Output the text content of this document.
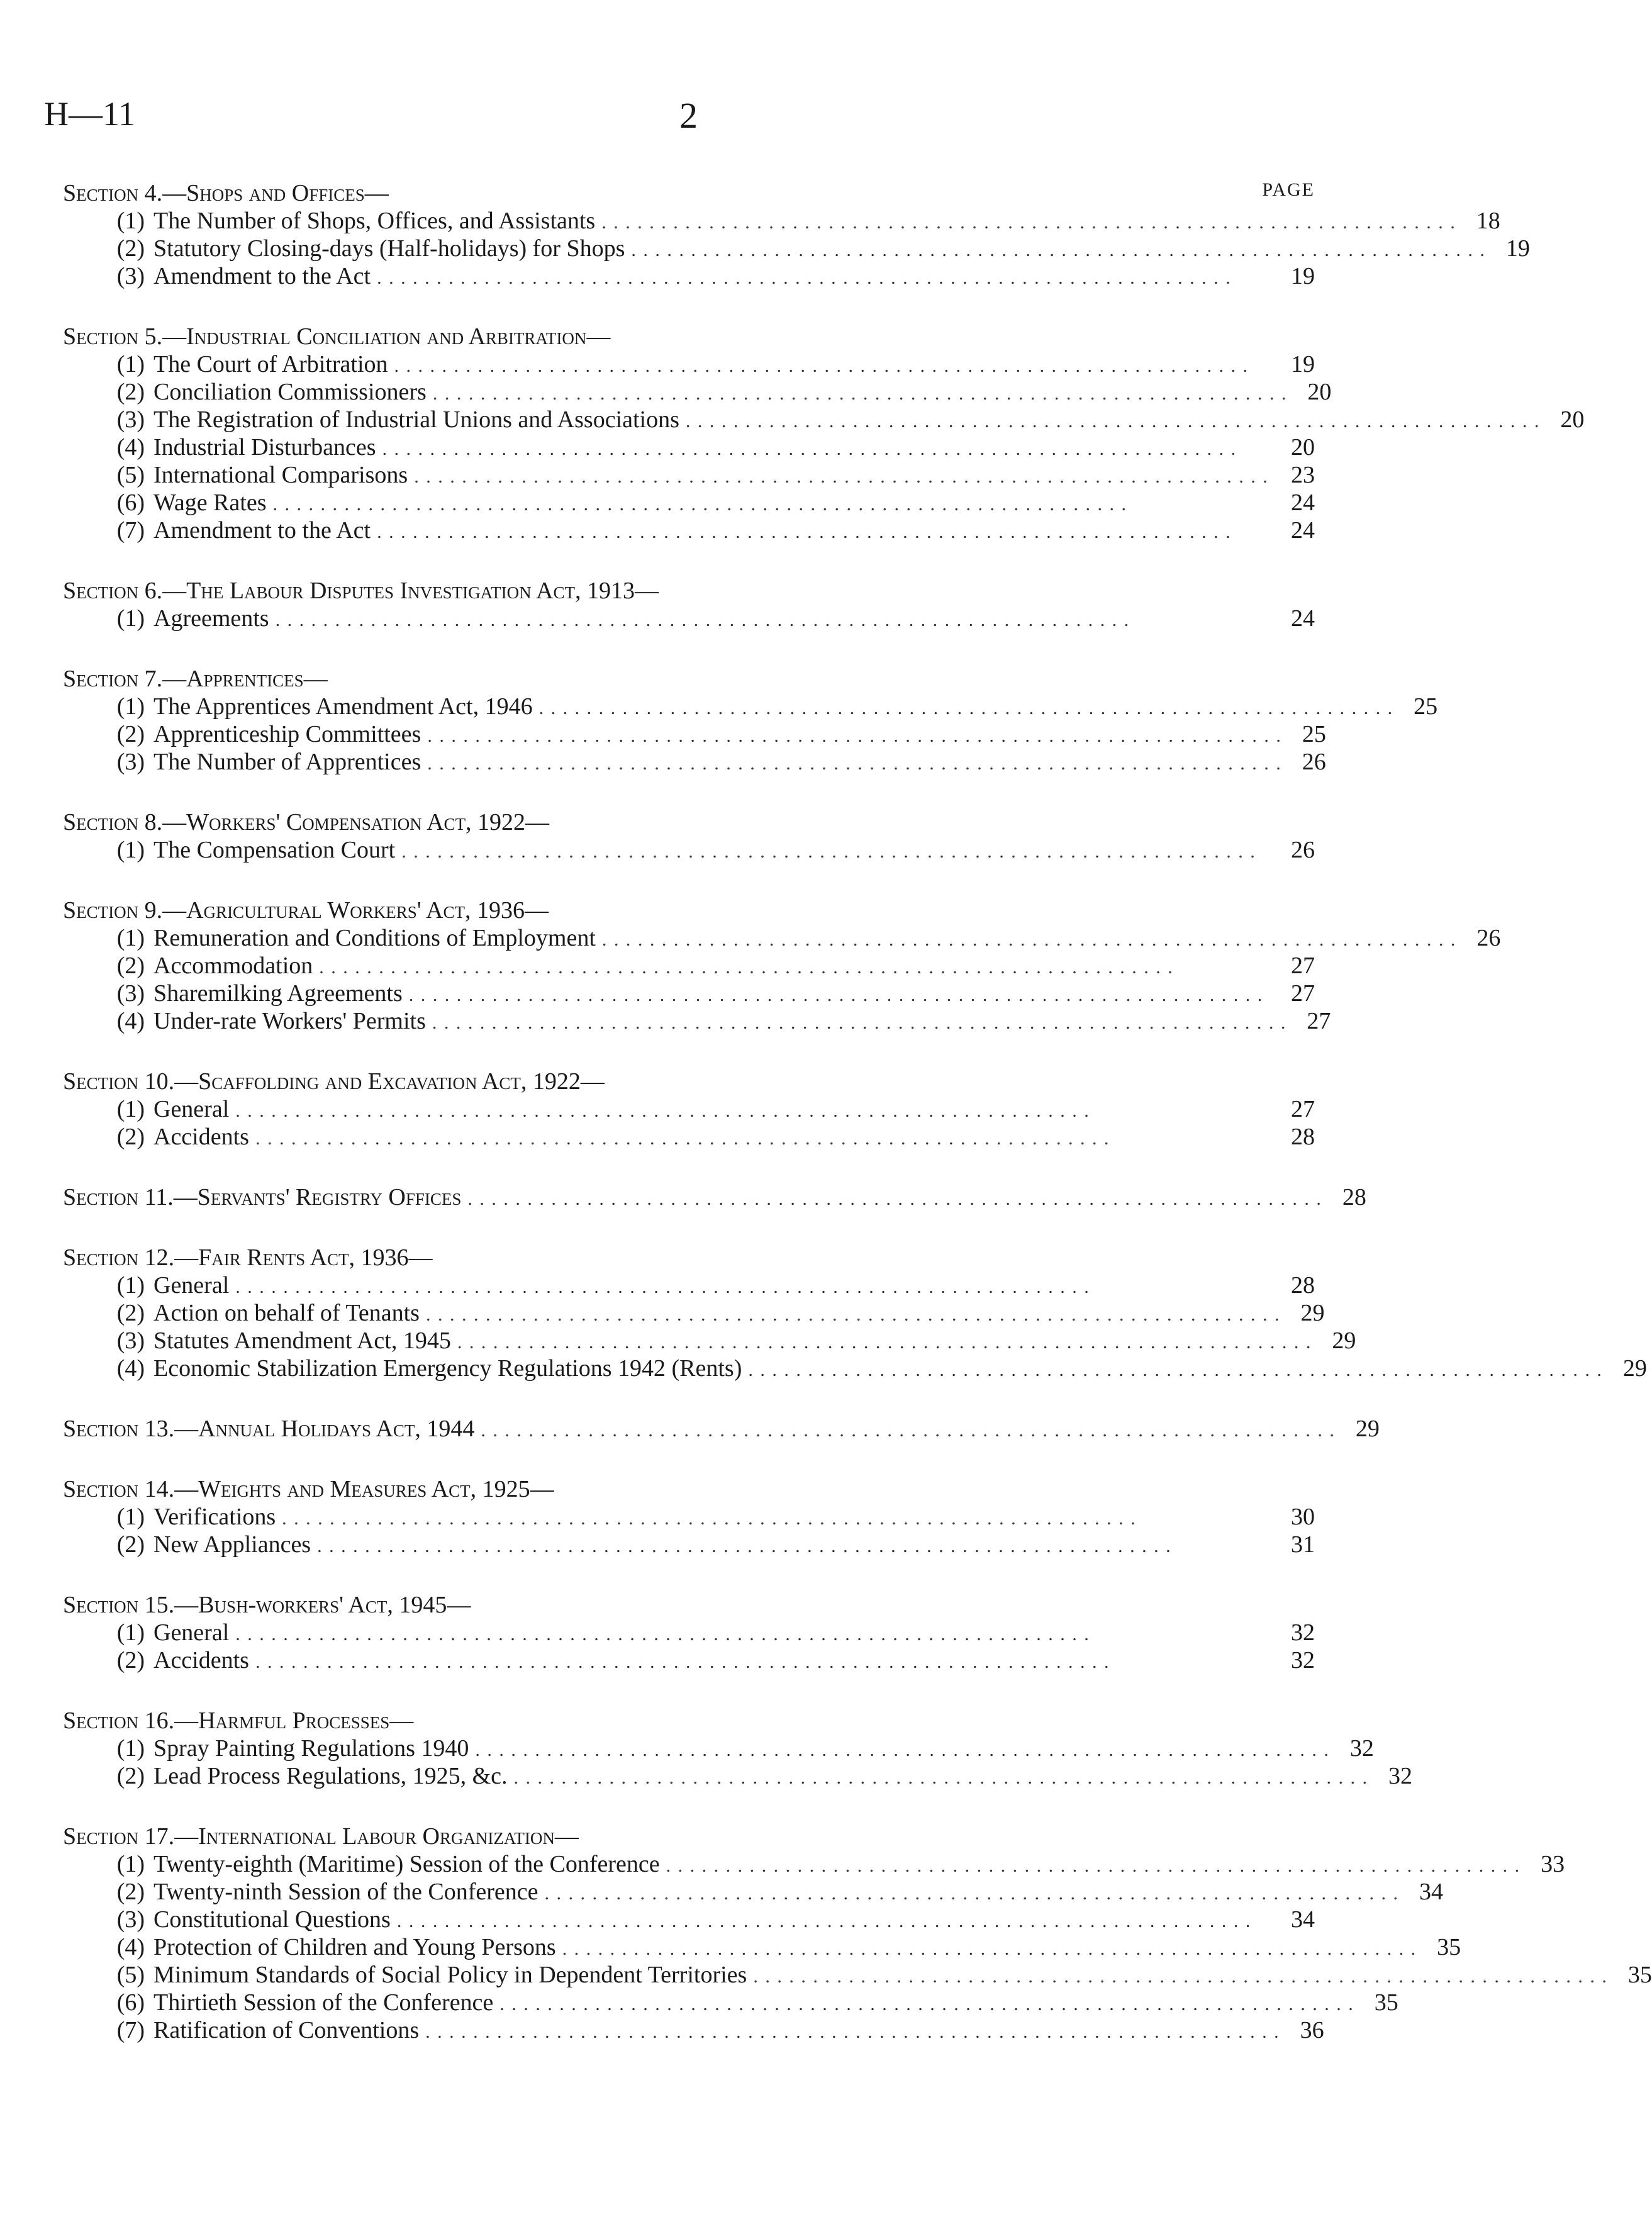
H—11	2
PAGE
Section 4.—Shops and Offices—
(1) The Number of Shops, Offices, and Assistants . . . . . . . . . . . . . . . . . . . . . . . . . . . . . . . . . . . . . . . . . . . . . . . . . . . . . . . . . . . . . . . . . . . . . . . . 18
(2) Statutory Closing-days (Half-holidays) for Shops . . . . . . . . . . . . . . . . . . . . . . . . . . . . . . . . . . . . . . . . . . . . . . . . . . . . . . . . . . . . . . . . . . . . . . . . 19
(3) Amendment to the Act . . . . . . . . . . . . . . . . . . . . . . . . . . . . . . . . . . . . . . . . . . . . . . . . . . . . . . . . . . . . . . . . . . . . . . . .	19
Section 5.—Industrial Conciliation and Arbitration—
(1) The Court of Arbitration . . . . . . . . . . . . . . . . . . . . . . . . . . . . . . . . . . . . . . . . . . . . . . . . . . . . . . . . . . . . . . . . . . . . . . . .	19
(2) Conciliation Commissioners . . . . . . . . . . . . . . . . . . . . . . . . . . . . . . . . . . . . . . . . . . . . . . . . . . . . . . . . . . . . . . . . . . . . . . . . 20
(3) The Registration of Industrial Unions and Associations . . . . . . . . . . . . . . . . . . . . . . . . . . . . . . . . . . . . . . . . . . . . . . . . . . . . . . . . . . . . . . . . . . . . . . . . 20
(4) Industrial Disturbances . . . . . . . . . . . . . . . . . . . . . . . . . . . . . . . . . . . . . . . . . . . . . . . . . . . . . . . . . . . . . . . . . . . . . . . .	20
(5) International Comparisons . . . . . . . . . . . . . . . . . . . . . . . . . . . . . . . . . . . . . . . . . . . . . . . . . . . . . . . . . . . . . . . . . . . . . . . . 23
(6) Wage Rates . . . . . . . . . . . . . . . . . . . . . . . . . . . . . . . . . . . . . . . . . . . . . . . . . . . . . . . . . . . . . . . . . . . . . . . .	24
(7) Amendment to the Act . . . . . . . . . . . . . . . . . . . . . . . . . . . . . . . . . . . . . . . . . . . . . . . . . . . . . . . . . . . . . . . . . . . . . . . .	24
Section 6.—The Labour Disputes Investigation Act, 1913—
(1) Agreements . . . . . . . . . . . . . . . . . . . . . . . . . . . . . . . . . . . . . . . . . . . . . . . . . . . . . . . . . . . . . . . . . . . . . . . .	24
Section 7.—Apprentices—
(1) The Apprentices Amendment Act, 1946 . . . . . . . . . . . . . . . . . . . . . . . . . . . . . . . . . . . . . . . . . . . . . . . . . . . . . . . . . . . . . . . . . . . . . . . . 25
(2) Apprenticeship Committees . . . . . . . . . . . . . . . . . . . . . . . . . . . . . . . . . . . . . . . . . . . . . . . . . . . . . . . . . . . . . . . . . . . . . . . . 25
(3) The Number of Apprentices . . . . . . . . . . . . . . . . . . . . . . . . . . . . . . . . . . . . . . . . . . . . . . . . . . . . . . . . . . . . . . . . . . . . . . . . 26
Section 8.—Workers' Compensation Act, 1922—
(1) The Compensation Court . . . . . . . . . . . . . . . . . . . . . . . . . . . . . . . . . . . . . . . . . . . . . . . . . . . . . . . . . . . . . . . . . . . . . . . .	26
Section 9.—Agricultural Workers' Act, 1936—
(1) Remuneration and Conditions of Employment . . . . . . . . . . . . . . . . . . . . . . . . . . . . . . . . . . . . . . . . . . . . . . . . . . . . . . . . . . . . . . . . . . . . . . . . 26
(2) Accommodation . . . . . . . . . . . . . . . . . . . . . . . . . . . . . . . . . . . . . . . . . . . . . . . . . . . . . . . . . . . . . . . . . . . . . . . .	27
(3) Sharemilking Agreements . . . . . . . . . . . . . . . . . . . . . . . . . . . . . . . . . . . . . . . . . . . . . . . . . . . . . . . . . . . . . . . . . . . . . . . .	27
(4) Under-rate Workers' Permits . . . . . . . . . . . . . . . . . . . . . . . . . . . . . . . . . . . . . . . . . . . . . . . . . . . . . . . . . . . . . . . . . . . . . . . . 27
Section 10.—Scaffolding and Excavation Act, 1922—
(1) General . . . . . . . . . . . . . . . . . . . . . . . . . . . . . . . . . . . . . . . . . . . . . . . . . . . . . . . . . . . . . . . . . . . . . . . .	27
(2) Accidents . . . . . . . . . . . . . . . . . . . . . . . . . . . . . . . . . . . . . . . . . . . . . . . . . . . . . . . . . . . . . . . . . . . . . . . .	28
Section 11.—Servants' Registry Offices . . . . . . . . . . . . . . . . . . . . . . . . . . . . . . . . . . . . . . . . . . . . . . . . . . . . . . . . . . . . . . . . . . . . . . . . 28
Section 12.—Fair Rents Act, 1936—
(1) General . . . . . . . . . . . . . . . . . . . . . . . . . . . . . . . . . . . . . . . . . . . . . . . . . . . . . . . . . . . . . . . . . . . . . . . .	28
(2) Action on behalf of Tenants . . . . . . . . . . . . . . . . . . . . . . . . . . . . . . . . . . . . . . . . . . . . . . . . . . . . . . . . . . . . . . . . . . . . . . . . 29
(3) Statutes Amendment Act, 1945 . . . . . . . . . . . . . . . . . . . . . . . . . . . . . . . . . . . . . . . . . . . . . . . . . . . . . . . . . . . . . . . . . . . . . . . . 29
(4) Economic Stabilization Emergency Regulations 1942 (Rents) . . . . . . . . . . . . . . . . . . . . . . . . . . . . . . . . . . . . . . . . . . . . . . . . . . . . . . . . . . . . . . . . . . . . . . . . 29
Section 13.—Annual Holidays Act, 1944 . . . . . . . . . . . . . . . . . . . . . . . . . . . . . . . . . . . . . . . . . . . . . . . . . . . . . . . . . . . . . . . . . . . . . . . . 29
Section 14.—Weights and Measures Act, 1925—
(1) Verifications . . . . . . . . . . . . . . . . . . . . . . . . . . . . . . . . . . . . . . . . . . . . . . . . . . . . . . . . . . . . . . . . . . . . . . . .	30
(2) New Appliances . . . . . . . . . . . . . . . . . . . . . . . . . . . . . . . . . . . . . . . . . . . . . . . . . . . . . . . . . . . . . . . . . . . . . . . .	31
Section 15.—Bush-workers' Act, 1945—
(1) General . . . . . . . . . . . . . . . . . . . . . . . . . . . . . . . . . . . . . . . . . . . . . . . . . . . . . . . . . . . . . . . . . . . . . . . .	32
(2) Accidents . . . . . . . . . . . . . . . . . . . . . . . . . . . . . . . . . . . . . . . . . . . . . . . . . . . . . . . . . . . . . . . . . . . . . . . .	32
Section 16.—Harmful Processes—
(1) Spray Painting Regulations 1940 . . . . . . . . . . . . . . . . . . . . . . . . . . . . . . . . . . . . . . . . . . . . . . . . . . . . . . . . . . . . . . . . . . . . . . . . 32
(2) Lead Process Regulations, 1925, &c. . . . . . . . . . . . . . . . . . . . . . . . . . . . . . . . . . . . . . . . . . . . . . . . . . . . . . . . . . . . . . . . . . . . . . . . . 32
Section 17.—International Labour Organization—
(1) Twenty-eighth (Maritime) Session of the Conference . . . . . . . . . . . . . . . . . . . . . . . . . . . . . . . . . . . . . . . . . . . . . . . . . . . . . . . . . . . . . . . . . . . . . . . . 33
(2) Twenty-ninth Session of the Conference . . . . . . . . . . . . . . . . . . . . . . . . . . . . . . . . . . . . . . . . . . . . . . . . . . . . . . . . . . . . . . . . . . . . . . . . 34
(3) Constitutional Questions . . . . . . . . . . . . . . . . . . . . . . . . . . . . . . . . . . . . . . . . . . . . . . . . . . . . . . . . . . . . . . . . . . . . . . . .	34
(4) Protection of Children and Young Persons . . . . . . . . . . . . . . . . . . . . . . . . . . . . . . . . . . . . . . . . . . . . . . . . . . . . . . . . . . . . . . . . . . . . . . . . 35
(5) Minimum Standards of Social Policy in Dependent Territories . . . . . . . . . . . . . . . . . . . . . . . . . . . . . . . . . . . . . . . . . . . . . . . . . . . . . . . . . . . . . . . . . . . . . . . . 35
(6) Thirtieth Session of the Conference . . . . . . . . . . . . . . . . . . . . . . . . . . . . . . . . . . . . . . . . . . . . . . . . . . . . . . . . . . . . . . . . . . . . . . . . 35
(7) Ratification of Conventions . . . . . . . . . . . . . . . . . . . . . . . . . . . . . . . . . . . . . . . . . . . . . . . . . . . . . . . . . . . . . . . . . . . . . . . . 36
